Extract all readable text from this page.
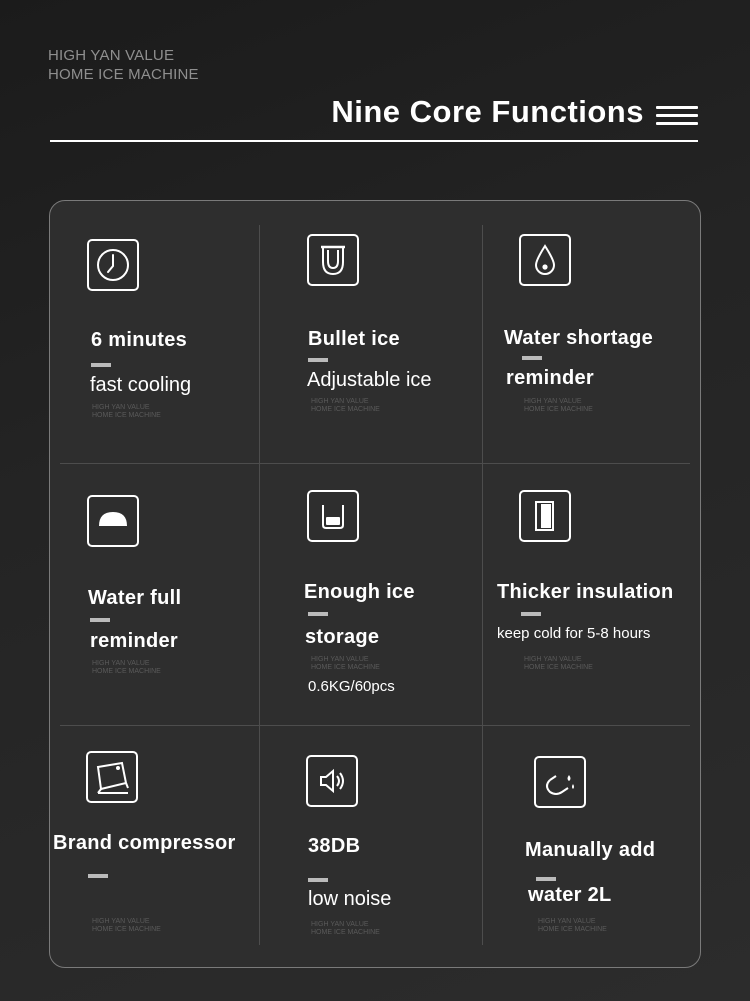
HIGH YAN VALUE
HOME ICE MACHINE
Nine Core Functions
6 minutes
fast cooling
HIGH YAN VALUE
HOME ICE MACHINE
Bullet ice
Adjustable ice
HIGH YAN VALUE
HOME ICE MACHINE
Water shortage
reminder
HIGH YAN VALUE
HOME ICE MACHINE
Water full
reminder
HIGH YAN VALUE
HOME ICE MACHINE
Enough ice
storage
HIGH YAN VALUE
HOME ICE MACHINE
0.6KG/60pcs
Thicker insulation
keep cold for 5-8 hours
HIGH YAN VALUE
HOME ICE MACHINE
Brand compressor
HIGH YAN VALUE
HOME ICE MACHINE
38DB
low noise
HIGH YAN VALUE
HOME ICE MACHINE
Manually add
water 2L
HIGH YAN VALUE
HOME ICE MACHINE
